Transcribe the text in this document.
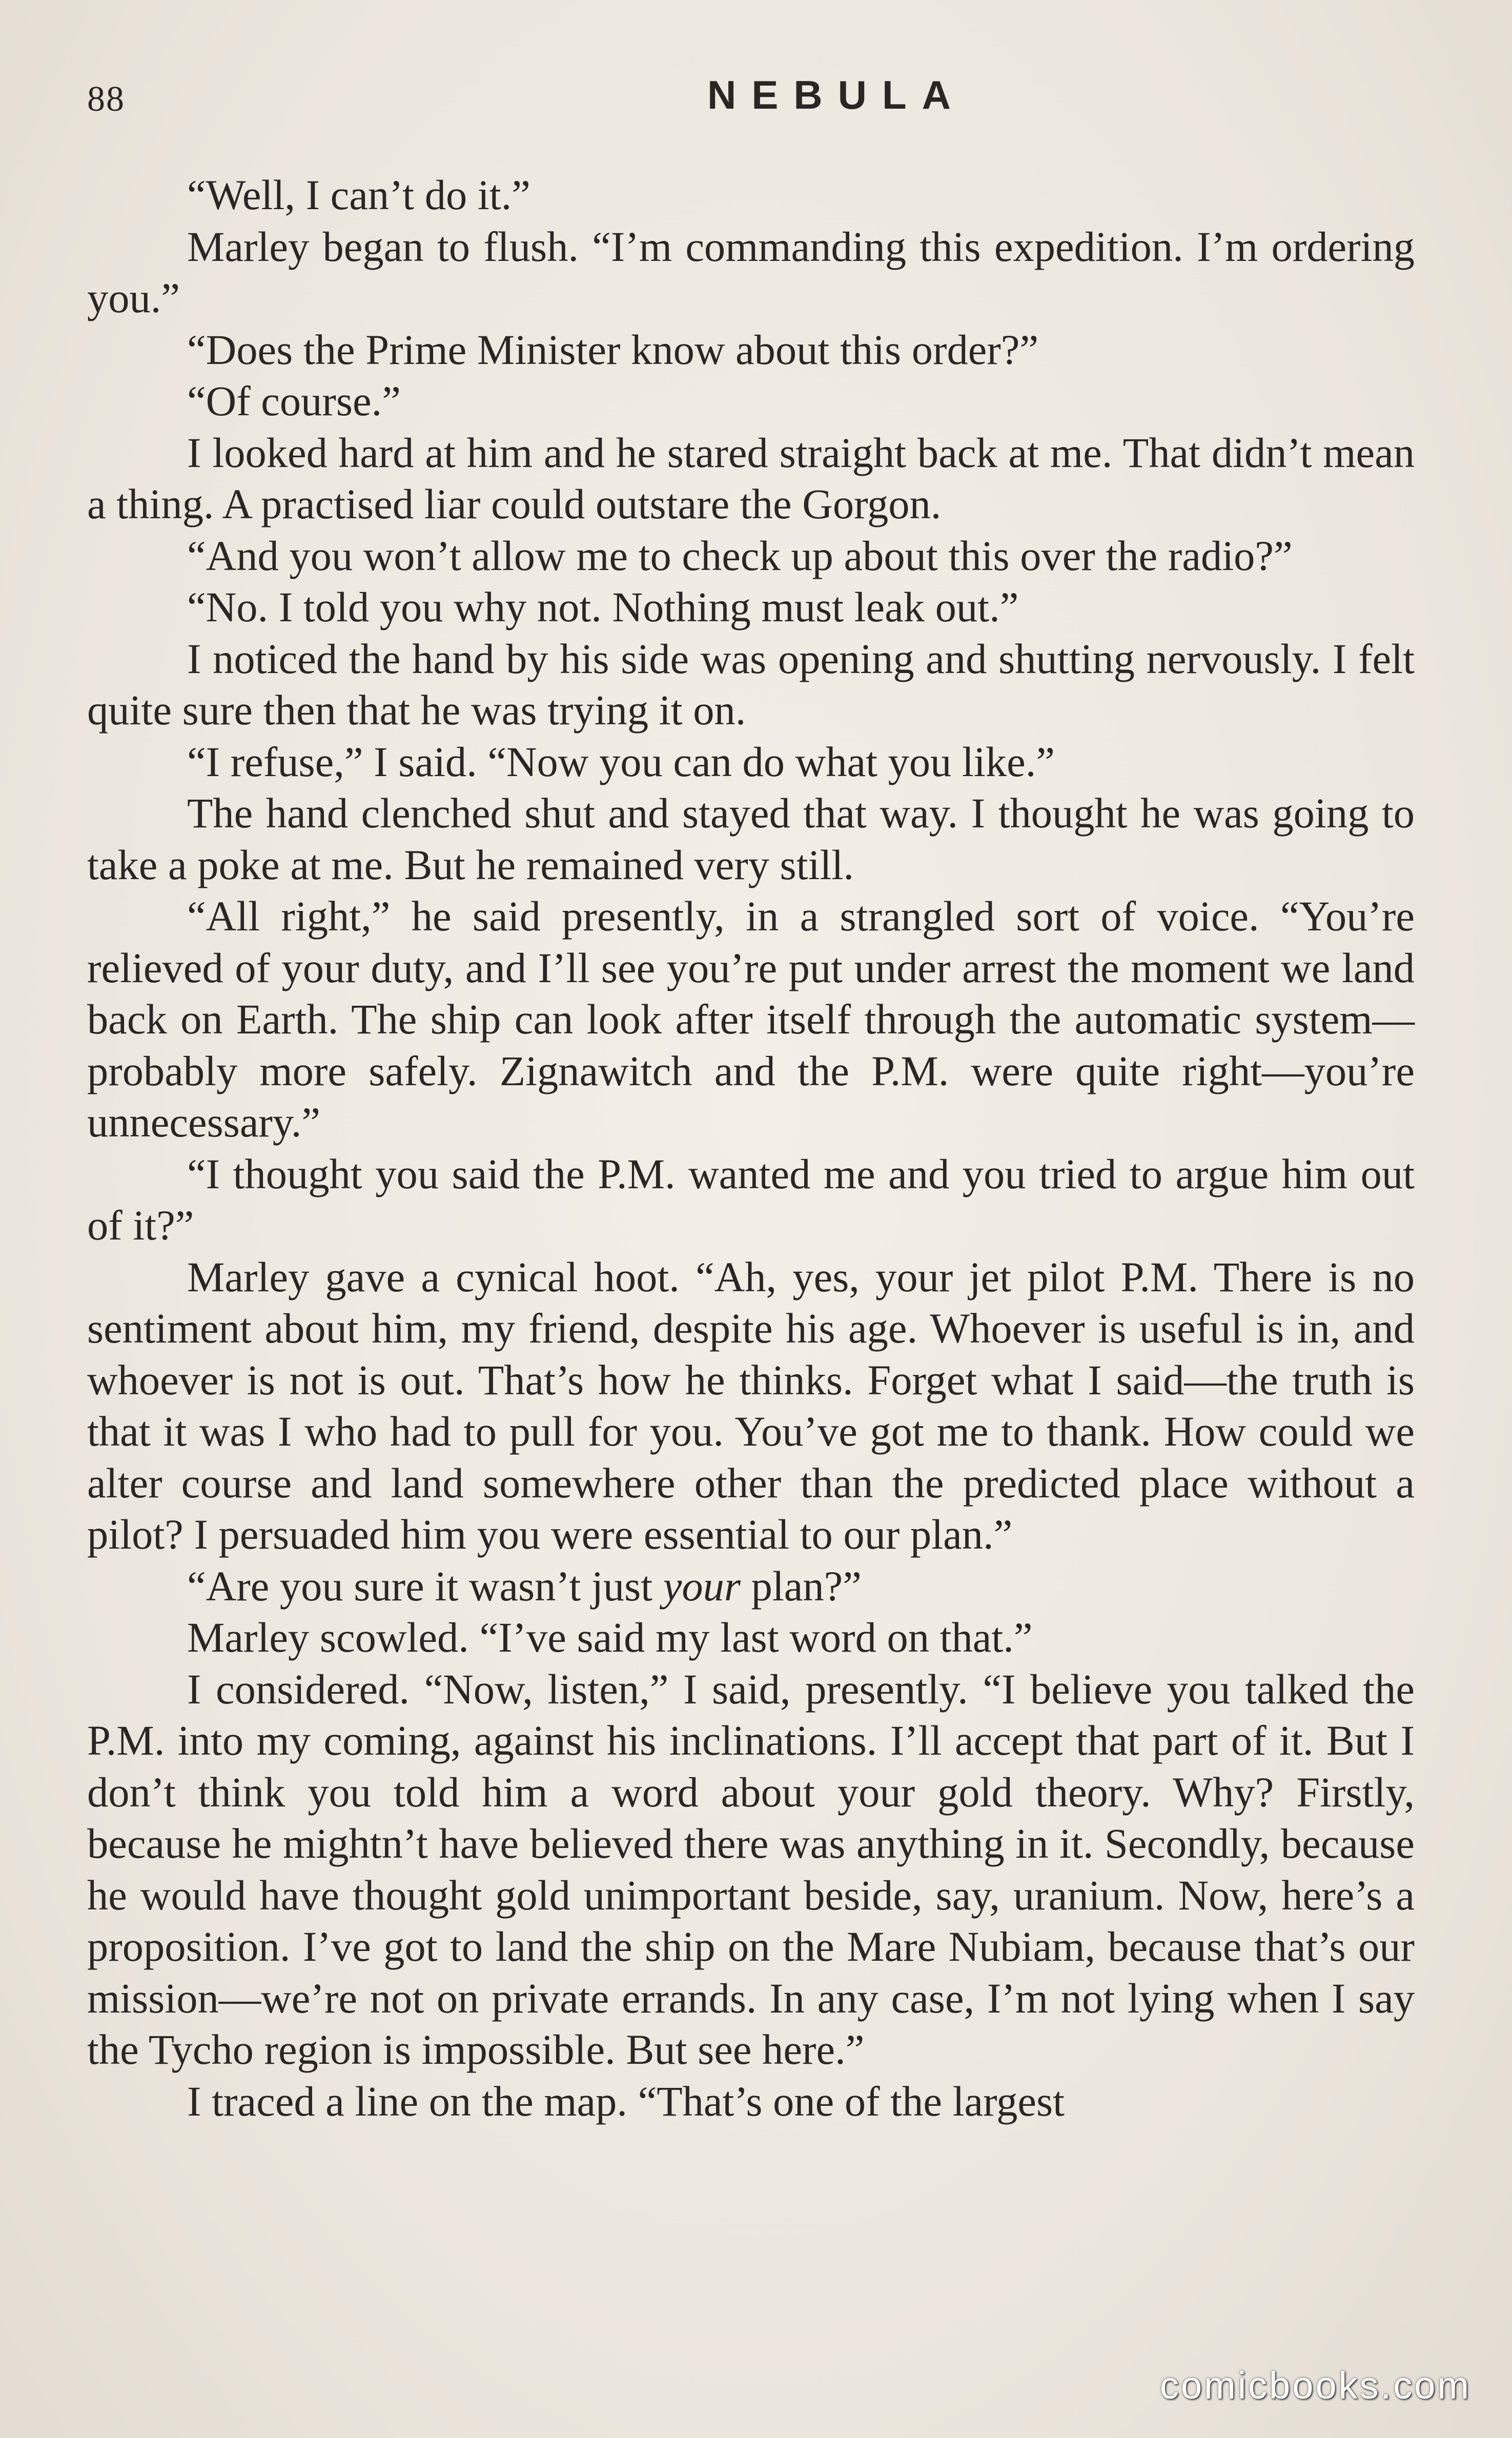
88	NEBULA

“Well, I can’t do it.”

Marley began to flush. “I’m commanding this expedition. I’m ordering you.”

“Does the Prime Minister know about this order?”

“Of course.”

I looked hard at him and he stared straight back at me. That didn’t mean a thing. A practised liar could outstare the Gorgon.

“And you won’t allow me to check up about this over the radio?”

“No. I told you why not. Nothing must leak out.”

I noticed the hand by his side was opening and shutting nervously. I felt quite sure then that he was trying it on.

“I refuse,” I said. “Now you can do what you like.”

The hand clenched shut and stayed that way. I thought he was going to take a poke at me. But he remained very still.

“All right,” he said presently, in a strangled sort of voice. “You’re relieved of your duty, and I’ll see you’re put under arrest the moment we land back on Earth. The ship can look after itself through the automatic system—probably more safely. Zignawitch and the P.M. were quite right—you’re unnecessary.”

“I thought you said the P.M. wanted me and you tried to argue him out of it?”

Marley gave a cynical hoot. “Ah, yes, your jet pilot P.M. There is no sentiment about him, my friend, despite his age. Whoever is useful is in, and whoever is not is out. That’s how he thinks. Forget what I said—the truth is that it was I who had to pull for you. You’ve got me to thank. How could we alter course and land somewhere other than the predicted place without a pilot? I persuaded him you were essential to our plan.”

“Are you sure it wasn’t just your plan?”

Marley scowled. “I’ve said my last word on that.”

I considered. “Now, listen,” I said, presently. “I believe you talked the P.M. into my coming, against his inclinations. I’ll accept that part of it. But I don’t think you told him a word about your gold theory. Why? Firstly, because he mightn’t have believed there was anything in it. Secondly, because he would have thought gold unimportant beside, say, uranium. Now, here’s a proposition. I’ve got to land the ship on the Mare Nubiam, because that’s our mission—we’re not on private errands. In any case, I’m not lying when I say the Tycho region is impossible. But see here.”

I traced a line on the map. “That’s one of the largest

comicbooks.com
